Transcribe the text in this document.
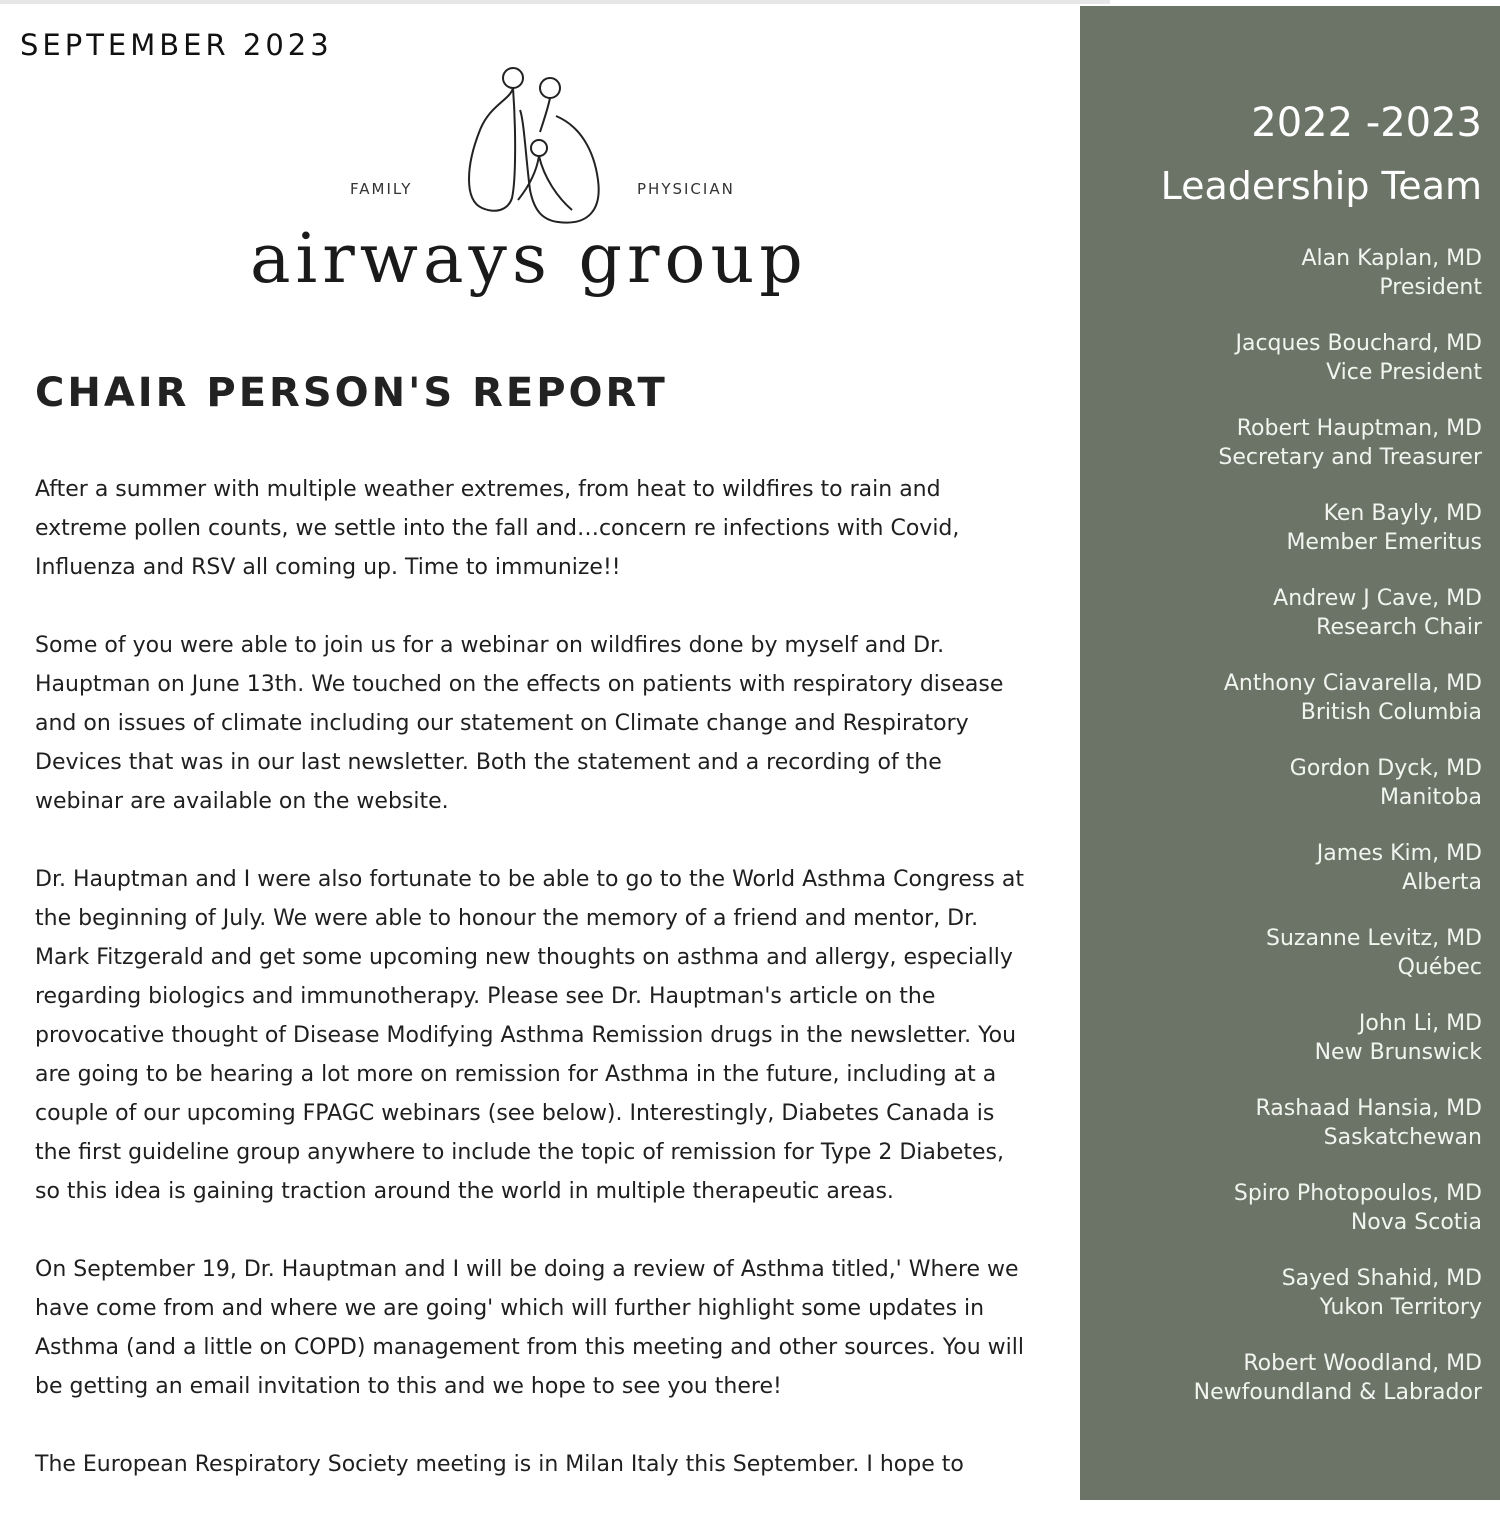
SEPTEMBER 2023
FAMILY	PHYSICIAN
airways group
CHAIR PERSON'S REPORT

After a summer with multiple weather extremes, from heat to wildfires to rain and extreme pollen counts, we settle into the fall and…concern re infections with Covid, Influenza and RSV all coming up. Time to immunize!!

Some of you were able to join us for a webinar on wildfires done by myself and Dr. Hauptman on June 13th. We touched on the effects on patients with respiratory disease and on issues of climate including our statement on Climate change and Respiratory Devices that was in our last newsletter. Both the statement and a recording of the webinar are available on the website.

Dr. Hauptman and I were also fortunate to be able to go to the World Asthma Congress at the beginning of July. We were able to honour the memory of a friend and mentor, Dr. Mark Fitzgerald and get some upcoming new thoughts on asthma and allergy, especially regarding biologics and immunotherapy. Please see Dr. Hauptman's article on the provocative thought of Disease Modifying Asthma Remission drugs in the newsletter. You are going to be hearing a lot more on remission for Asthma in the future, including at a couple of our upcoming FPAGC webinars (see below). Interestingly, Diabetes Canada is the first guideline group anywhere to include the topic of remission for Type 2 Diabetes, so this idea is gaining traction around the world in multiple therapeutic areas.

On September 19, Dr. Hauptman and I will be doing a review of Asthma titled,' Where we have come from and where we are going' which will further highlight some updates in Asthma (and a little on COPD) management from this meeting and other sources. You will be getting an email invitation to this and we hope to see you there!

The European Respiratory Society meeting is in Milan Italy this September. I hope to

2022 -2023
Leadership Team
Alan Kaplan, MD
President
Jacques Bouchard, MD
Vice President
Robert Hauptman, MD
Secretary and Treasurer
Ken Bayly, MD
Member Emeritus
Andrew J Cave, MD
Research Chair
Anthony Ciavarella, MD
British Columbia
Gordon Dyck, MD
Manitoba
James Kim, MD
Alberta
Suzanne Levitz, MD
Québec
John Li, MD
New Brunswick
Rashaad Hansia, MD
Saskatchewan
Spiro Photopoulos, MD
Nova Scotia
Sayed Shahid, MD
Yukon Territory
Robert Woodland, MD
Newfoundland & Labrador
